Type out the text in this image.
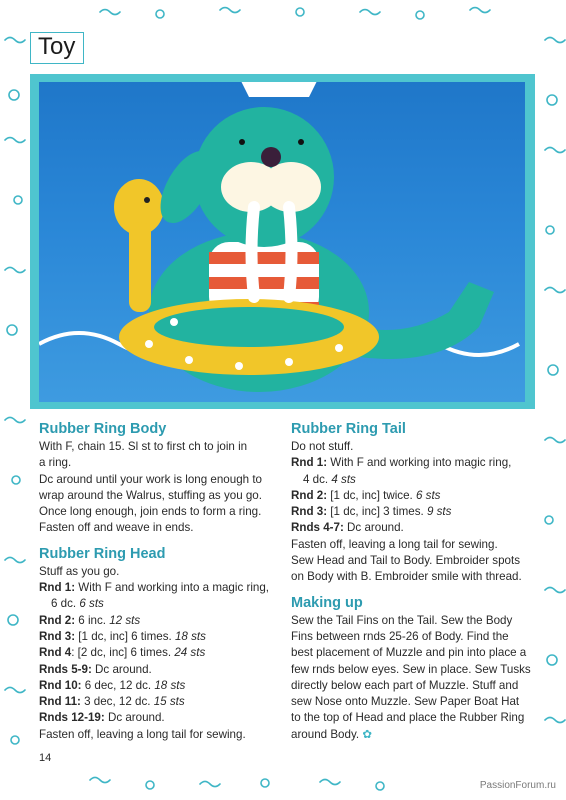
Toy

Rubber Ring Body

With F, chain 15. Sl st to first ch to join in

a ring.

Dc around until your work is long enough to

wrap around the Walrus, stuffing as you go.

Once long enough, join ends to form a ring.

Fasten off and weave in ends.

Rubber Ring Head

Stuff as you go.

Rnd 1: With F and working into a magic ring,

6 dc. 6 sts

Rnd 2: 6 inc. 12 sts

Rnd 3: [1 dc, inc] 6 times. 18 sts

Rnd 4: [2 dc, inc] 6 times. 24 sts

Rnds 5-9: Dc around.

Rnd 10: 6 dec, 12 dc. 18 sts

Rnd 11: 3 dec, 12 dc. 15 sts

Rnds 12-19: Dc around.

Fasten off, leaving a long tail for sewing.

Rubber Ring Tail

Do not stuff.

Rnd 1: With F and working into magic ring,

4 dc. 4 sts

Rnd 2: [1 dc, inc] twice. 6 sts

Rnd 3: [1 dc, inc] 3 times. 9 sts

Rnds 4-7: Dc around.

Fasten off, leaving a long tail for sewing.

Sew Head and Tail to Body. Embroider spots

on Body with B. Embroider smile with thread.

Making up

Sew the Tail Fins on the Tail. Sew the Body

Fins between rnds 25-26 of Body. Find the

best placement of Muzzle and pin into place a

few rnds below eyes. Sew in place. Sew Tusks

directly below each part of Muzzle. Stuff and

sew Nose onto Muzzle. Sew Paper Boat Hat

to the top of Head and place the Rubber Ring

around Body. ✿

14
PassionForum.ru
